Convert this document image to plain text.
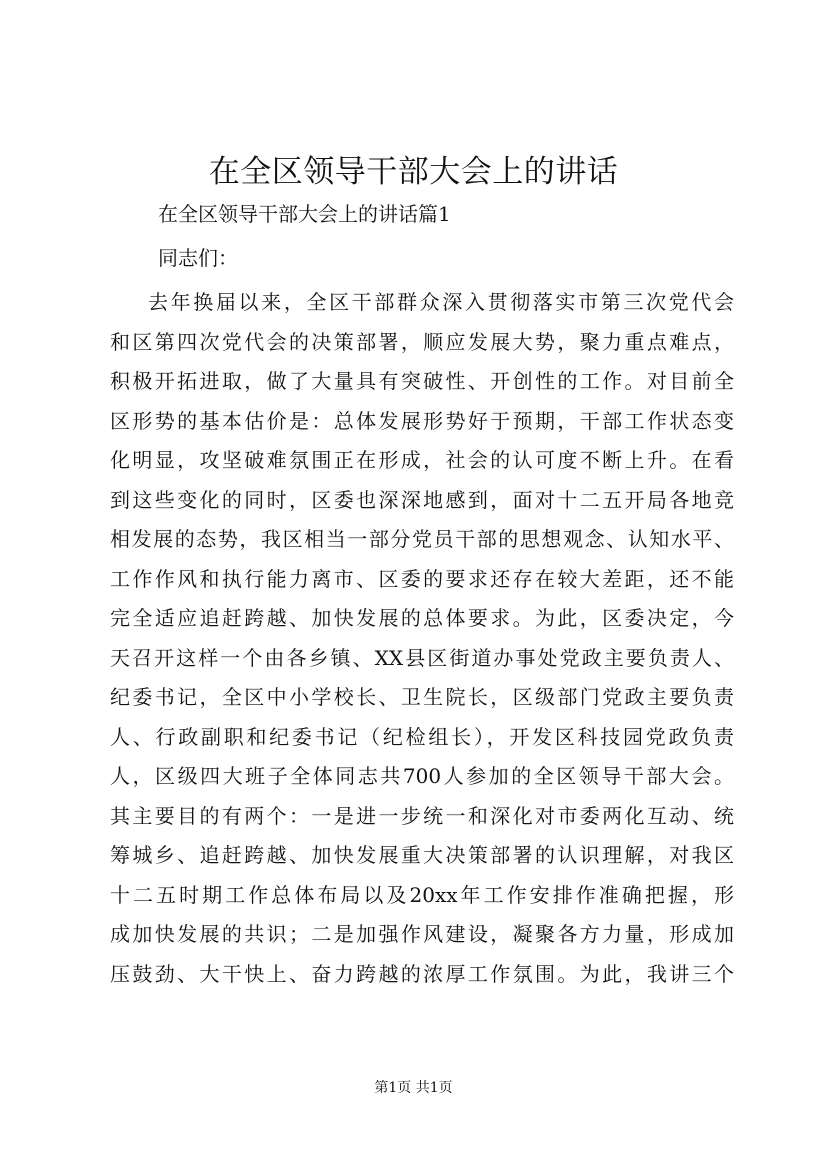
在全区领导干部大会上的讲话

在全区领导干部大会上的讲话篇1

同志们：

去年换届以来，全区干部群众深入贯彻落实市第三次党代会
和区第四次党代会的决策部署，顺应发展大势，聚力重点难点，
积极开拓进取，做了大量具有突破性、开创性的工作。对目前全
区形势的基本估价是：总体发展形势好于预期，干部工作状态变
化明显，攻坚破难氛围正在形成，社会的认可度不断上升。在看
到这些变化的同时，区委也深深地感到，面对十二五开局各地竞
相发展的态势，我区相当一部分党员干部的思想观念、认知水平、
工作作风和执行能力离市、区委的要求还存在较大差距，还不能
完全适应追赶跨越、加快发展的总体要求。为此，区委决定，今
天召开这样一个由各乡镇、XX县区街道办事处党政主要负责人、
纪委书记，全区中小学校长、卫生院长，区级部门党政主要负责
人、行政副职和纪委书记（纪检组长），开发区科技园党政负责
人，区级四大班子全体同志共700人参加的全区领导干部大会。
其主要目的有两个：一是进一步统一和深化对市委两化互动、统
筹城乡、追赶跨越、加快发展重大决策部署的认识理解，对我区
十二五时期工作总体布局以及20xx年工作安排作准确把握，形
成加快发展的共识；二是加强作风建设，凝聚各方力量，形成加
压鼓劲、大干快上、奋力跨越的浓厚工作氛围。为此，我讲三个

第1页 共1页
